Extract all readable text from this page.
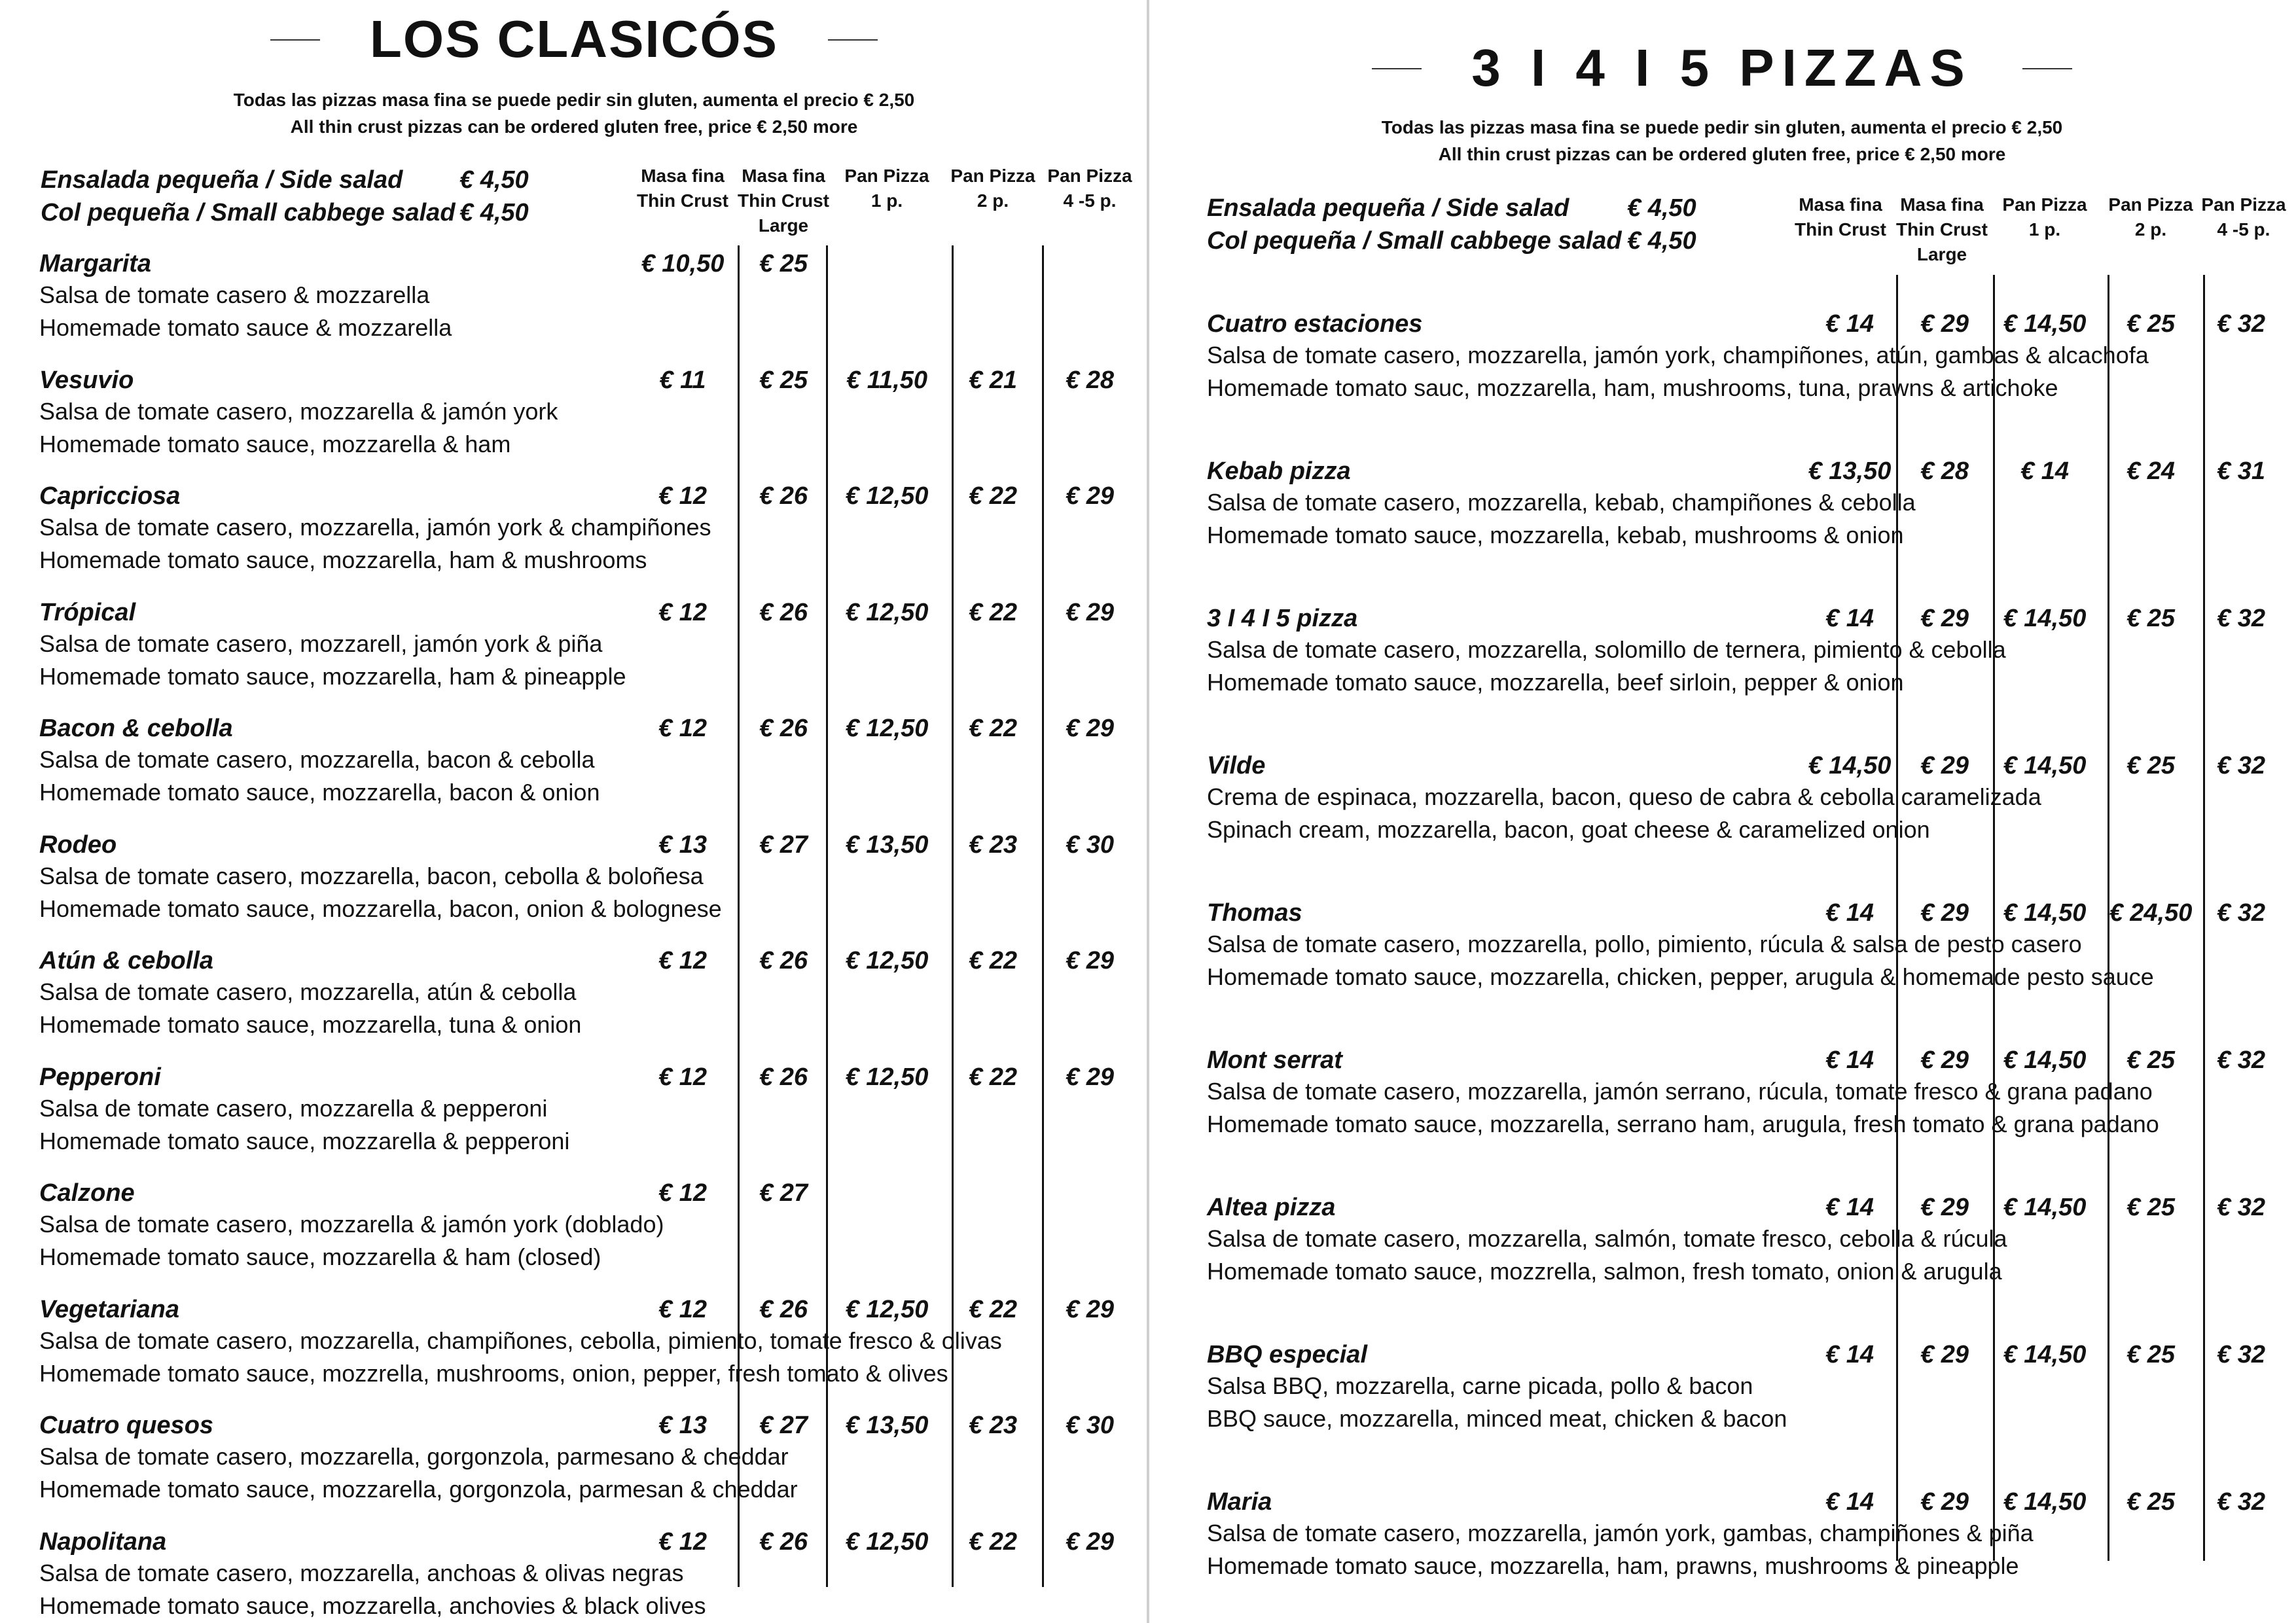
LOS CLASICÓS
Todas las pizzas masa fina se puede pedir sin gluten, aumenta el precio € 2,50
All thin crust pizzas can be ordered gluten free, price € 2,50 more
Ensalada pequeña / Side salad	€ 4,50
Col pequeña / Small cabbege salad € 4,50
Masa fina
Thin Crust
Masa fina
Thin Crust
Large
Pan Pizza
1 p.
Pan Pizza
2 p.
Pan Pizza
4 -5 p.
Margarita
Salsa de tomate casero & mozzarella
Homemade tomato sauce & mozzarella
€ 10,50 € 25
Vesuvio
Salsa de tomate casero, mozzarella & jamón york
Homemade tomato sauce, mozzarella & ham
€ 11 € 25 € 11,50 € 21 € 28
Capricciosa
Salsa de tomate casero, mozzarella, jamón york & champiñones
Homemade tomato sauce, mozzarella, ham & mushrooms
€ 12 € 26 € 12,50 € 22 € 29
Trópical
Salsa de tomate casero, mozzarell, jamón york & piña
Homemade tomato sauce, mozzarella, ham & pineapple
€ 12 € 26 € 12,50 € 22 € 29
Bacon & cebolla
Salsa de tomate casero, mozzarella, bacon & cebolla
Homemade tomato sauce, mozzarella, bacon & onion
€ 12 € 26 € 12,50 € 22 € 29
Rodeo
Salsa de tomate casero, mozzarella, bacon, cebolla & boloñesa
Homemade tomato sauce, mozzarella, bacon, onion & bolognese
€ 13 € 27 € 13,50 € 23 € 30
Atún & cebolla
Salsa de tomate casero, mozzarella, atún & cebolla
Homemade tomato sauce, mozzarella, tuna & onion
€ 12 € 26 € 12,50 € 22 € 29
Pepperoni
Salsa de tomate casero, mozzarella & pepperoni
Homemade tomato sauce, mozzarella & pepperoni
€ 12 € 26 € 12,50 € 22 € 29
Calzone
Salsa de tomate casero, mozzarella & jamón york (doblado)
Homemade tomato sauce, mozzarella & ham (closed)
€ 12 € 27
Vegetariana
Salsa de tomate casero, mozzarella, champiñones, cebolla, pimiento, tomate fresco & olivas
Homemade tomato sauce, mozzrella, mushrooms, onion, pepper, fresh tomato & olives
€ 12 € 26 € 12,50 € 22 € 29
Cuatro quesos
Salsa de tomate casero, mozzarella, gorgonzola, parmesano & cheddar
Homemade tomato sauce, mozzarella, gorgonzola, parmesan & cheddar
€ 13 € 27 € 13,50 € 23 € 30
Napolitana
Salsa de tomate casero, mozzarella, anchoas & olivas negras
Homemade tomato sauce, mozzarella, anchovies & black olives
€ 12 € 26 € 12,50 € 22 € 29
3 I 4 I 5 PIZZAS
Todas las pizzas masa fina se puede pedir sin gluten, aumenta el precio € 2,50
All thin crust pizzas can be ordered gluten free, price € 2,50 more
Ensalada pequeña / Side salad	€ 4,50
Col pequeña / Small cabbege salad € 4,50
Masa fina
Thin Crust
Masa fina
Thin Crust
Large
Pan Pizza
1 p.
Pan Pizza
2 p.
Pan Pizza
4 -5 p.
Cuatro estaciones
Salsa de tomate casero, mozzarella, jamón york, champiñones, atún, gambas & alcachofa
Homemade tomato sauc, mozzarella, ham, mushrooms, tuna, prawns & artichoke
€ 14 € 29 € 14,50 € 25 € 32
Kebab pizza
Salsa de tomate casero, mozzarella, kebab, champiñones & cebolla
Homemade tomato sauce, mozzarella, kebab, mushrooms & onion
€ 13,50 € 28 € 14 € 24 € 31
3 I 4 I 5 pizza
Salsa de tomate casero, mozzarella, solomillo de ternera, pimiento & cebolla
Homemade tomato sauce, mozzarella, beef sirloin, pepper & onion
€ 14 € 29 € 14,50 € 25 € 32
Vilde
Crema de espinaca, mozzarella, bacon, queso de cabra & cebolla caramelizada
Spinach cream, mozzarella, bacon, goat cheese & caramelized onion
€ 14,50 € 29 € 14,50 € 25 € 32
Thomas
Salsa de tomate casero, mozzarella, pollo, pimiento, rúcula & salsa de pesto casero
Homemade tomato sauce, mozzarella, chicken, pepper, arugula & homemade pesto sauce
€ 14 € 29 € 14,50 € 24,50 € 32
Mont serrat
Salsa de tomate casero, mozzarella, jamón serrano, rúcula, tomate fresco & grana padano
Homemade tomato sauce, mozzarella, serrano ham, arugula, fresh tomato & grana padano
€ 14 € 29 € 14,50 € 25 € 32
Altea pizza
Salsa de tomate casero, mozzarella, salmón, tomate fresco, cebolla & rúcula
Homemade tomato sauce, mozzrella, salmon, fresh tomato, onion & arugula
€ 14 € 29 € 14,50 € 25 € 32
BBQ especial
Salsa BBQ, mozzarella, carne picada, pollo & bacon
BBQ sauce, mozzarella, minced meat, chicken & bacon
€ 14 € 29 € 14,50 € 25 € 32
Maria
Salsa de tomate casero, mozzarella, jamón york, gambas, champiñones & piña
Homemade tomato sauce, mozzarella, ham, prawns, mushrooms & pineapple
€ 14 € 29 € 14,50 € 25 € 32
